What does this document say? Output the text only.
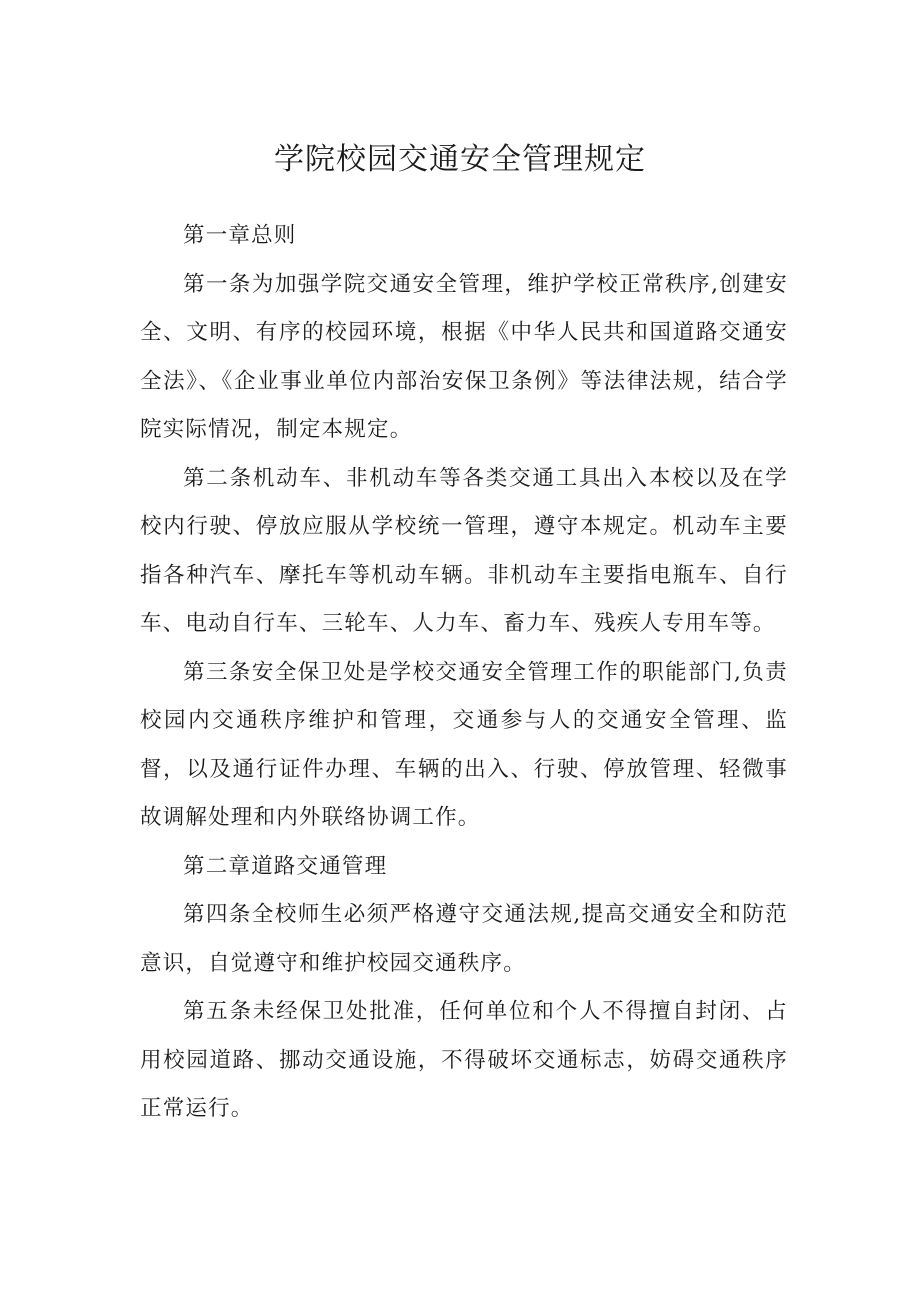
学院校园交通安全管理规定

第一章总则

第一条为加强学院交通安全管理，维护学校正常秩序,创建安全、文明、有序的校园环境，根据《中华人民共和国道路交通安全法》、《企业事业单位内部治安保卫条例》等法律法规，结合学院实际情况，制定本规定。

第二条机动车、非机动车等各类交通工具出入本校以及在学校内行驶、停放应服从学校统一管理，遵守本规定。机动车主要指各种汽车、摩托车等机动车辆。非机动车主要指电瓶车、自行车、电动自行车、三轮车、人力车、畜力车、残疾人专用车等。

第三条安全保卫处是学校交通安全管理工作的职能部门,负责校园内交通秩序维护和管理，交通参与人的交通安全管理、监督，以及通行证件办理、车辆的出入、行驶、停放管理、轻微事故调解处理和内外联络协调工作。

第二章道路交通管理

第四条全校师生必须严格遵守交通法规,提高交通安全和防范意识，自觉遵守和维护校园交通秩序。

第五条未经保卫处批准，任何单位和个人不得擅自封闭、占用校园道路、挪动交通设施，不得破坏交通标志，妨碍交通秩序正常运行。
